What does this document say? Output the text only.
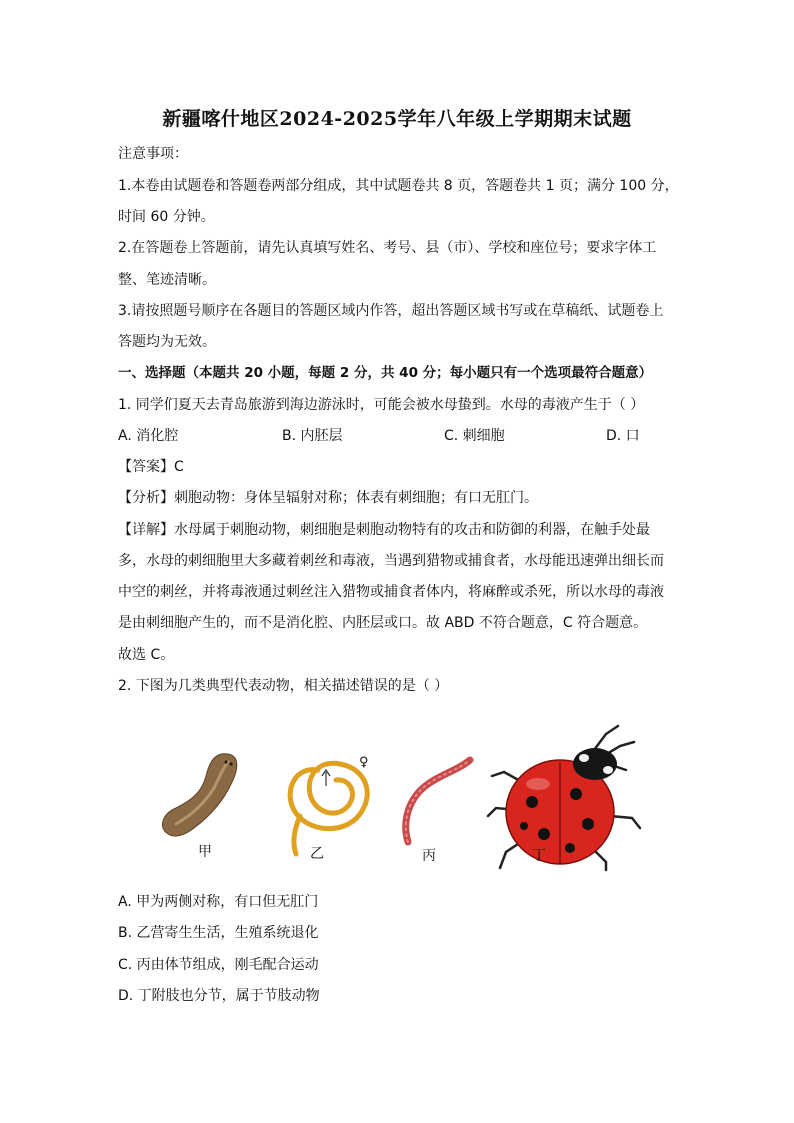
新疆喀什地区2024-2025学年八年级上学期期末试题
注意事项：
1.本卷由试题卷和答题卷两部分组成，其中试题卷共 8 页，答题卷共 1 页；满分 100 分，
时间 60 分钟。
2.在答题卷上答题前，请先认真填写姓名、考号、县（市）、学校和座位号；要求字体工
整、笔迹清晰。
3.请按照题号顺序在各题目的答题区域内作答，超出答题区域书写或在草稿纸、试题卷上
答题均为无效。
一、选择题（本题共 20 小题，每题 2 分，共 40 分；每小题只有一个选项最符合题意）
1. 同学们夏天去青岛旅游到海边游泳时，可能会被水母蛰到。水母的毒液产生于（ ）
A. 消化腔	B. 内胚层	C. 刺细胞	D. 口
【答案】C
【分析】刺胞动物：身体呈辐射对称；体表有刺细胞；有口无肛门。
【详解】水母属于刺胞动物，刺细胞是刺胞动物特有的攻击和防御的利器，在触手处最
多，水母的刺细胞里大多藏着刺丝和毒液，当遇到猎物或捕食者，水母能迅速弹出细长而
中空的刺丝，并将毒液通过刺丝注入猎物或捕食者体内，将麻醉或杀死，所以水母的毒液
是由刺细胞产生的，而不是消化腔、内胚层或口。故 ABD 不符合题意，C 符合题意。
故选 C。
2. 下图为几类典型代表动物，相关描述错误的是（ ）
♀
甲	乙	丙	丁
A. 甲为两侧对称，有口但无肛门
B. 乙营寄生生活，生殖系统退化
C. 丙由体节组成，刚毛配合运动
D. 丁附肢也分节，属于节肢动物
